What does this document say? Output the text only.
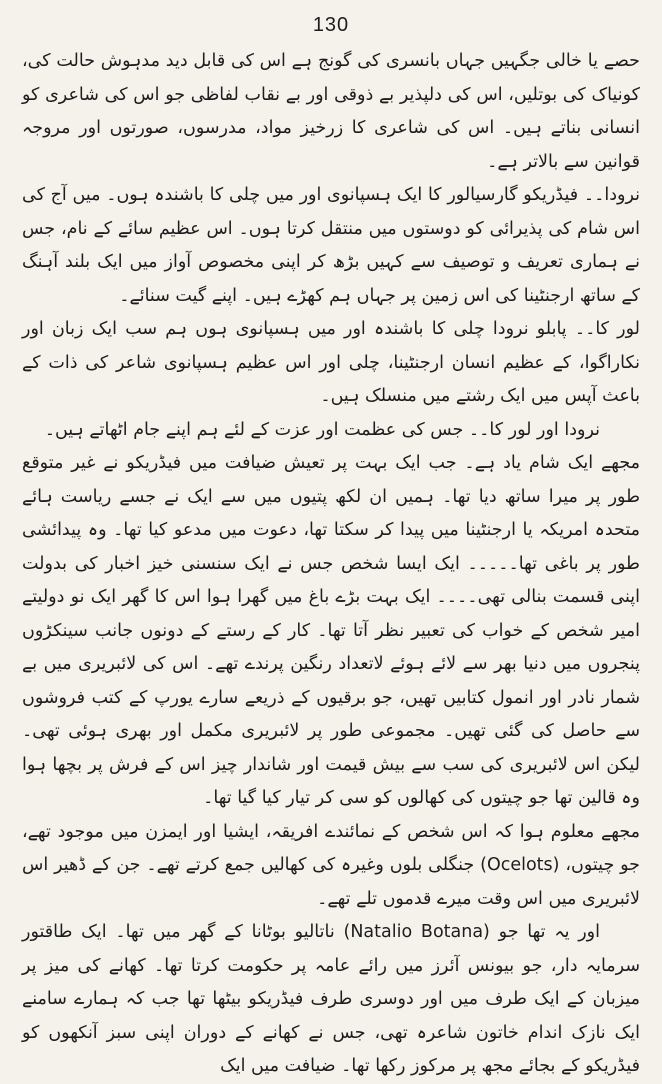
130

حصے یا خالی جگہیں جہاں بانسری کی گونج ہے اس کی قابل دید مدہوش حالت کی، کونیاک کی بوتلیں، اس کی دلپذیر بے ذوقی اور بے نقاب لفاظی جو اس کی شاعری کو انسانی بناتے ہیں۔ اس کی شاعری کا زرخیز مواد، مدرسوں، صورتوں اور مروجہ قوانین سے بالاتر ہے۔

نرودا۔۔ فیڈریکو گارسیالور کا ایک ہسپانوی اور میں چلی کا باشندہ ہوں۔ میں آج کی اس شام کی پذیرائی کو دوستوں میں منتقل کرتا ہوں۔ اس عظیم سائے کے نام، جس نے ہماری تعریف و توصیف سے کہیں بڑھ کر اپنی مخصوص آواز میں ایک بلند آہنگ کے ساتھ ارجنٹینا کی اس زمین پر جہاں ہم کھڑے ہیں۔ اپنے گیت سنائے۔

لور کا۔۔ پابلو نرودا چلی کا باشندہ اور میں ہسپانوی ہوں ہم سب ایک زبان اور نکاراگوا، کے عظیم انسان ارجنٹینا، چلی اور اس عظیم ہسپانوی شاعر کی ذات کے باعث آپس میں ایک رشتے میں منسلک ہیں۔

نرودا اور لور کا۔۔ جس کی عظمت اور عزت کے لئے ہم اپنے جام اٹھاتے ہیں۔

مجھے ایک شام یاد ہے۔ جب ایک بہت پر تعیش ضیافت میں فیڈریکو نے غیر متوقع طور پر میرا ساتھ دیا تھا۔ ہمیں ان لکھ پتیوں میں سے ایک نے جسے ریاست ہائے متحدہ امریکہ یا ارجنٹینا میں پیدا کر سکتا تھا، دعوت میں مدعو کیا تھا۔ وہ پیدائشی طور پر باغی تھا۔۔۔۔۔ ایک ایسا شخص جس نے ایک سنسنی خیز اخبار کی بدولت اپنی قسمت بنالی تھی۔۔۔۔ ایک بہت بڑے باغ میں گھرا ہوا اس کا گھر ایک نو دولیتے امیر شخص کے خواب کی تعبیر نظر آتا تھا۔ کار کے رستے کے دونوں جانب سینکڑوں پنجروں میں دنیا بھر سے لائے ہوئے لاتعداد رنگین پرندے تھے۔ اس کی لائبریری میں بے شمار نادر اور انمول کتابیں تھیں، جو برقیوں کے ذریعے سارے یورپ کے کتب فروشوں سے حاصل کی گئی تھیں۔ مجموعی طور پر لائبریری مکمل اور بھری ہوئی تھی۔ لیکن اس لائبریری کی سب سے بیش قیمت اور شاندار چیز اس کے فرش پر بچھا ہوا وہ قالین تھا جو چیتوں کی کھالوں کو سی کر تیار کیا گیا تھا۔

مجھے معلوم ہوا کہ اس شخص کے نمائندے افریقہ، ایشیا اور ایمزن میں موجود تھے، جو چیتوں، (Ocelots) جنگلی بلوں وغیرہ کی کھالیں جمع کرتے تھے۔ جن کے ڈھیر اس لائبریری میں اس وقت میرے قدموں تلے تھے۔

اور یہ تھا جو (Natalio Botana) ناتالیو بوٹانا کے گھر میں تھا۔ ایک طاقتور سرمایہ دار، جو بیونس آئرز میں رائے عامہ پر حکومت کرتا تھا۔ کھانے کی میز پر میزبان کے ایک طرف میں اور دوسری طرف فیڈریکو بیٹھا تھا جب کہ ہمارے سامنے ایک نازک اندام خاتون شاعرہ تھی، جس نے کھانے کے دوران اپنی سبز آنکھوں کو فیڈریکو کے بجائے مجھ پر مرکوز رکھا تھا۔ ضیافت میں ایک
